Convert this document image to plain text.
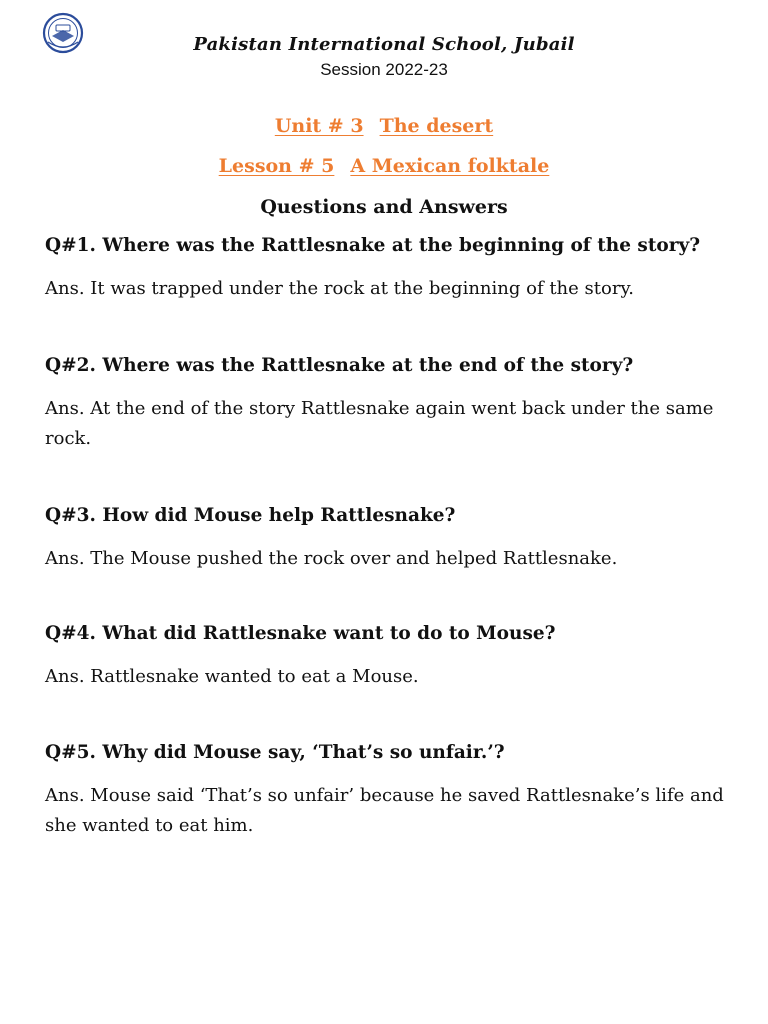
Pakistan International School, Jubail
Session 2022-23
Unit # 3 The desert
Lesson # 5 A Mexican folktale
Questions and Answers

Q#1. Where was the Rattlesnake at the beginning of the story?

Ans. It was trapped under the rock at the beginning of the story.

Q#2. Where was the Rattlesnake at the end of the story?

Ans. At the end of the story Rattlesnake again went back under the same rock.

Q#3. How did Mouse help Rattlesnake?

Ans. The Mouse pushed the rock over and helped Rattlesnake.

Q#4. What did Rattlesnake want to do to Mouse?

Ans. Rattlesnake wanted to eat a Mouse.

Q#5. Why did Mouse say, ‘That’s so unfair.’?

Ans. Mouse said ‘That’s so unfair’ because he saved Rattlesnake’s life and she wanted to eat him.
